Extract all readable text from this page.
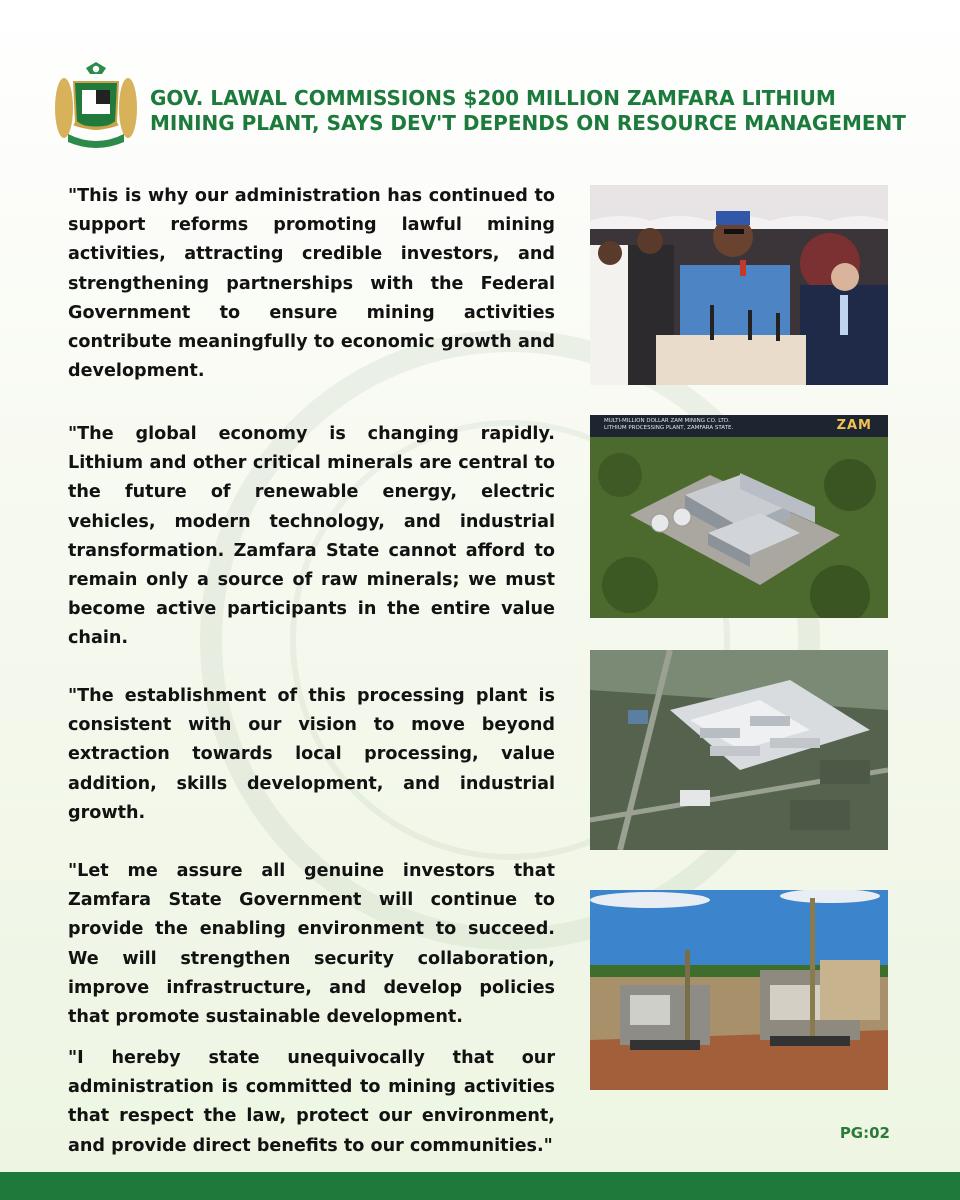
GOV. LAWAL COMMISSIONS $200 MILLION ZAMFARA LITHIUM
MINING PLANT, SAYS DEV'T DEPENDS ON RESOURCE MANAGEMENT

"This is why our administration has continued to support reforms promoting lawful mining activities, attracting credible investors, and strengthening partnerships with the Federal Government to ensure mining activities contribute meaningfully to economic growth and development.

"The global economy is changing rapidly. Lithium and other critical minerals are central to the future of renewable energy, electric vehicles, modern technology, and industrial transformation. Zamfara State cannot afford to remain only a source of raw minerals; we must become active participants in the entire value chain.

"The establishment of this processing plant is consistent with our vision to move beyond extraction towards local processing, value addition, skills development, and industrial growth.

"Let me assure all genuine investors that Zamfara State Government will continue to provide the enabling environment to succeed. We will strengthen security collaboration, improve infrastructure, and develop policies that promote sustainable development.

"I hereby state unequivocally that our administration is committed to mining activities that respect the law, protect our environment, and provide direct benefits to our communities."

MULTI-MILLION DOLLAR ZAM MINING CO. LTD.
LITHIUM PROCESSING PLANT, ZAMFARA STATE.	ZAM
PG:02
